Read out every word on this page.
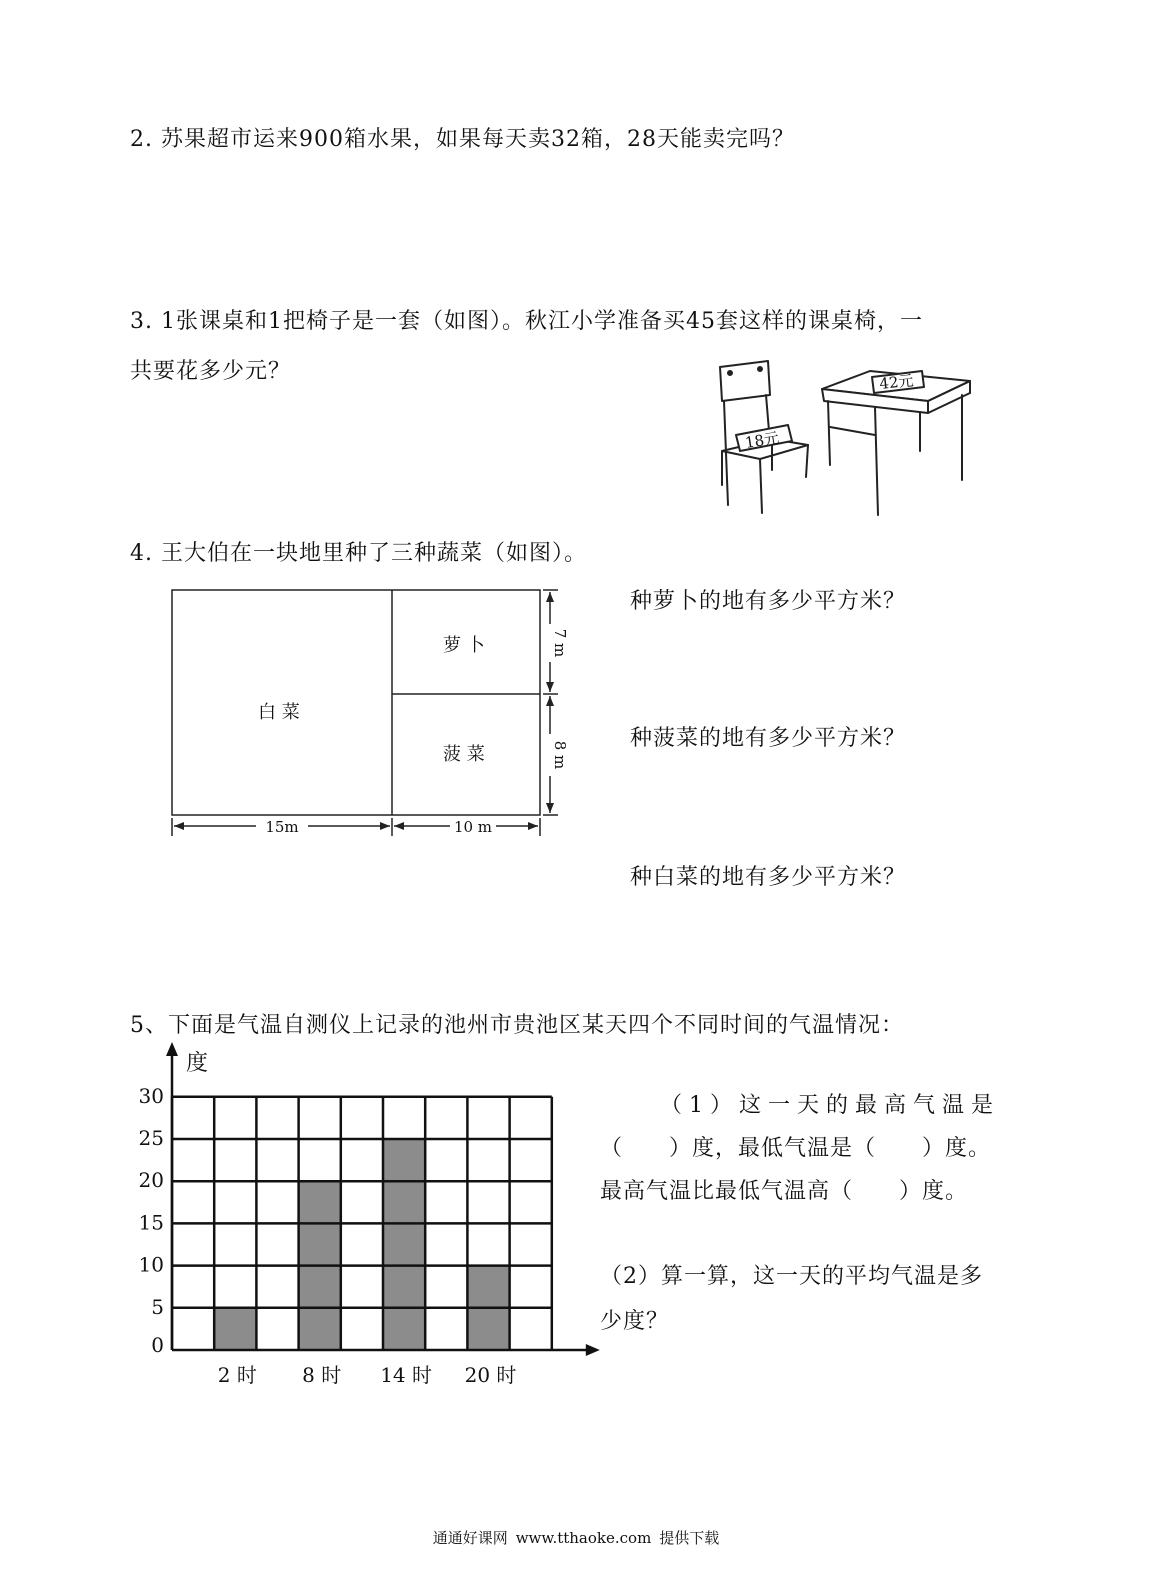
2. 苏果超市运来900箱水果，如果每天卖32箱，28天能卖完吗？
3. 1张课桌和1把椅子是一套（如图）。秋江小学准备买45套这样的课桌椅，一
共要花多少元？
18元
42元
4. 王大伯在一块地里种了三种蔬菜（如图）。
白 菜
萝 卜
菠 菜
15m	10 m
7 m
8 m
种萝卜的地有多少平方米？
种菠菜的地有多少平方米？
种白菜的地有多少平方米？
5、下面是气温自测仪上记录的池州市贵池区某天四个不同时间的气温情况：
0
5
10
15
20
25
30
度
2 时 8 时 14 时 20 时
（1）这一天的最高气温是
（　　）度，最低气温是（　　）度。
最高气温比最低气温高（　　）度。
（2）算一算，这一天的平均气温是多
少度？
通通好课网 www.tthaoke.com 提供下载
